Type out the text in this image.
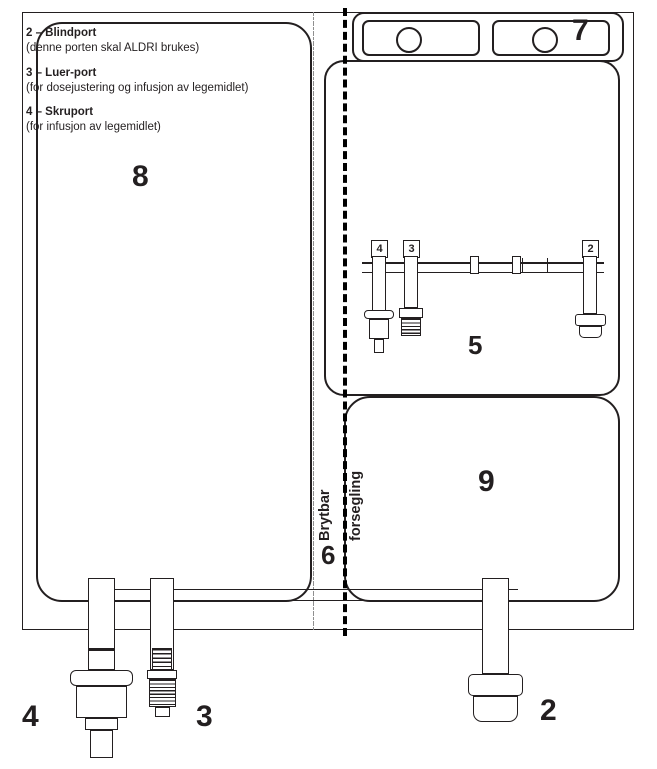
2 – Blindport
(denne porten skal ALDRI brukes)
3 – Luer-port
(for dosejustering og infusjon av legemidlet)
4 – Skruport
(for infusjon av legemidlet)
4	3	2
Brytbar forsegling
8
9
5
6
7
4	3	2
